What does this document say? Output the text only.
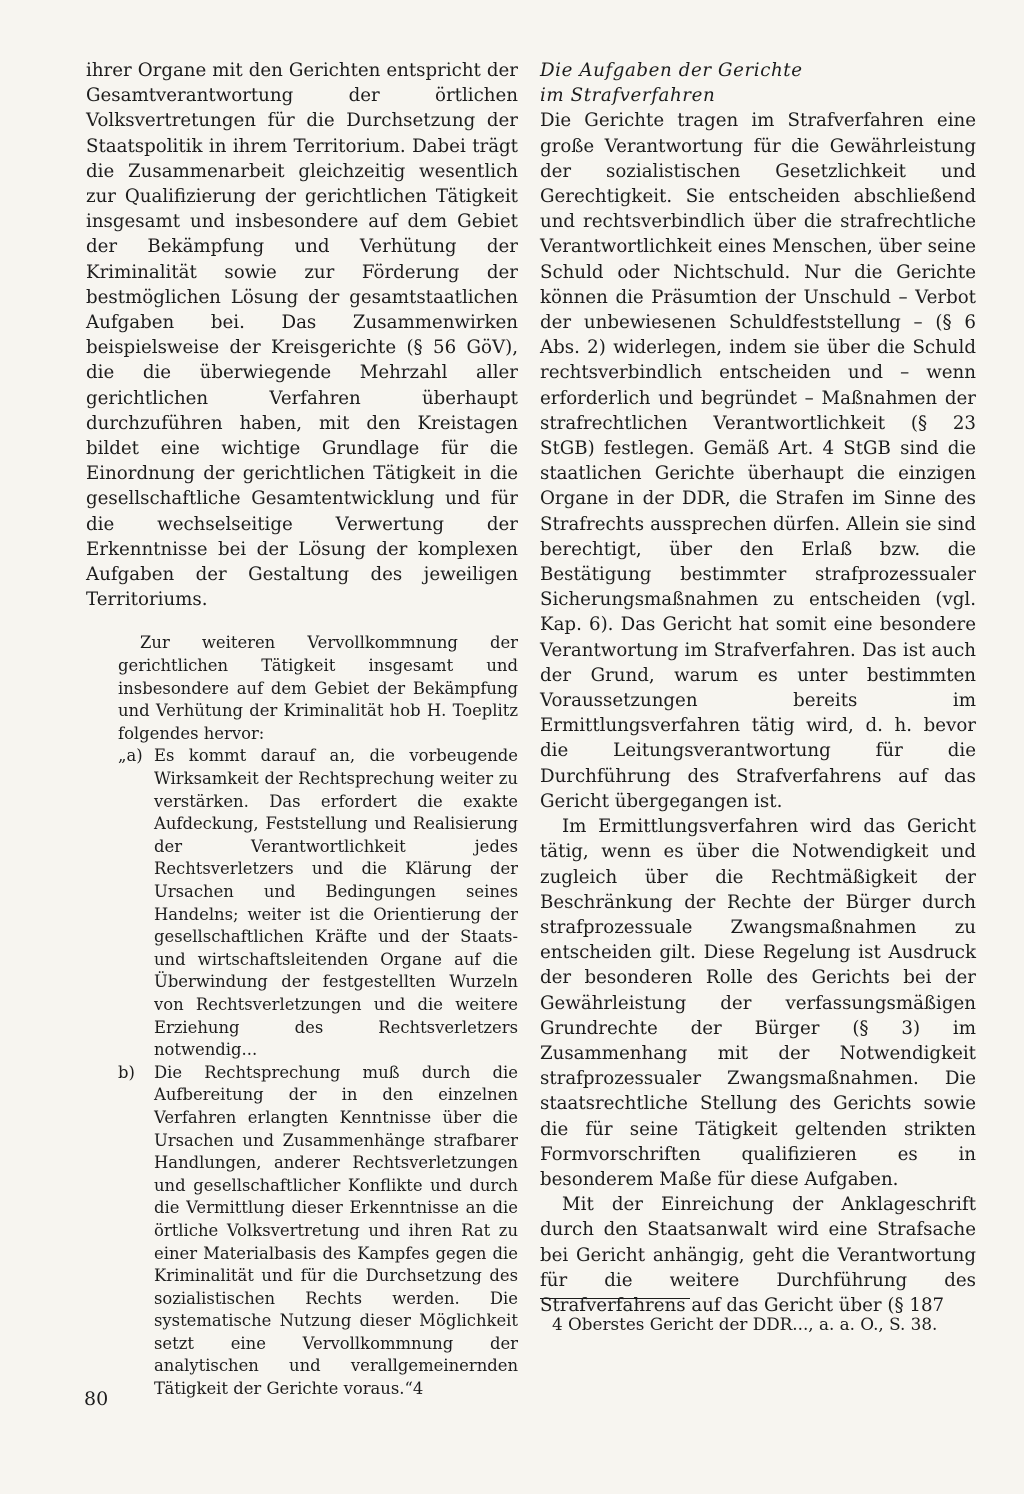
ihrer Organe mit den Gerichten entspricht der Gesamtverantwortung der örtlichen Volksvertretungen für die Durchsetzung der Staatspolitik in ihrem Territorium. Dabei trägt die Zusammenarbeit gleichzeitig wesentlich zur Qualifizierung der gerichtlichen Tätigkeit insgesamt und insbesondere auf dem Gebiet der Bekämpfung und Verhütung der Kriminalität sowie zur Förderung der bestmöglichen Lösung der gesamtstaatlichen Aufgaben bei. Das Zusammenwirken beispielsweise der Kreisgerichte (§ 56 GöV), die die überwiegende Mehrzahl aller gerichtlichen Verfahren überhaupt durchzuführen haben, mit den Kreistagen bildet eine wichtige Grundlage für die Einordnung der gerichtlichen Tätigkeit in die gesellschaftliche Gesamtentwicklung und für die wechselseitige Verwertung der Erkenntnisse bei der Lösung der komplexen Aufgaben der Gestaltung des jeweiligen Territoriums.

Zur weiteren Vervollkommnung der gerichtlichen Tätigkeit insgesamt und insbesondere auf dem Gebiet der Bekämpfung und Verhütung der Kriminalität hob H. Toeplitz folgendes hervor:

„a) Es kommt darauf an, die vorbeugende Wirksamkeit der Rechtsprechung weiter zu verstärken. Das erfordert die exakte Aufdeckung, Feststellung und Realisierung der Verantwortlichkeit jedes Rechtsverletzers und die Klärung der Ursachen und Bedingungen seines Handelns; weiter ist die Orientierung der gesellschaftlichen Kräfte und der Staats- und wirtschaftsleitenden Organe auf die Überwindung der festgestellten Wurzeln von Rechtsverletzungen und die weitere Erziehung des Rechtsverletzers notwendig...
b)	Die Rechtsprechung muß durch die Aufbereitung der in den einzelnen Verfahren erlangten Kenntnisse über die Ursachen und Zusammenhänge strafbarer Handlungen, anderer Rechtsverletzungen und gesellschaftlicher Konflikte und durch die Vermittlung dieser Erkenntnisse an die örtliche Volksvertretung und ihren Rat zu einer Materialbasis des Kampfes gegen die Kriminalität und für die Durchsetzung des sozialistischen Rechts werden. Die systematische Nutzung dieser Möglichkeit setzt eine Vervollkommnung der analytischen und verallgemeinernden Tätigkeit der Gerichte voraus.“4

Die Aufgaben der Gerichte
im Strafverfahren

Die Gerichte tragen im Strafverfahren eine große Verantwortung für die Gewährleistung der sozialistischen Gesetzlichkeit und Gerechtigkeit. Sie entscheiden abschließend und rechtsverbindlich über die strafrechtliche Verantwortlichkeit eines Menschen, über seine Schuld oder Nichtschuld. Nur die Gerichte können die Präsumtion der Unschuld – Verbot der unbewiesenen Schuldfeststellung – (§ 6 Abs. 2) widerlegen, indem sie über die Schuld rechtsverbindlich entscheiden und – wenn erforderlich und begründet – Maßnahmen der strafrechtlichen Verantwortlichkeit (§ 23 StGB) festlegen. Gemäß Art. 4 StGB sind die staatlichen Gerichte überhaupt die einzigen Organe in der DDR, die Strafen im Sinne des Strafrechts aussprechen dürfen. Allein sie sind berechtigt, über den Erlaß bzw. die Bestätigung bestimmter strafprozessualer Sicherungsmaßnahmen zu entscheiden (vgl. Kap. 6). Das Gericht hat somit eine besondere Verantwortung im Strafverfahren. Das ist auch der Grund, warum es unter bestimmten Voraussetzungen bereits im Ermittlungsverfahren tätig wird, d. h. bevor die Leitungsverantwortung für die Durchführung des Strafverfahrens auf das Gericht übergegangen ist.

Im Ermittlungsverfahren wird das Gericht tätig, wenn es über die Notwendigkeit und zugleich über die Rechtmäßigkeit der Beschränkung der Rechte der Bürger durch strafprozessuale Zwangsmaßnahmen zu entscheiden gilt. Diese Regelung ist Ausdruck der besonderen Rolle des Gerichts bei der Gewährleistung der verfassungsmäßigen Grundrechte der Bürger (§ 3) im Zusammenhang mit der Notwendigkeit strafprozessualer Zwangsmaßnahmen. Die staatsrechtliche Stellung des Gerichts sowie die für seine Tätigkeit geltenden strikten Formvorschriften qualifizieren es in besonderem Maße für diese Aufgaben.

Mit der Einreichung der Anklageschrift durch den Staatsanwalt wird eine Strafsache bei Gericht anhängig, geht die Verantwortung für die weitere Durchführung des Strafverfahrens auf das Gericht über (§ 187

4 Oberstes Gericht der DDR..., a. a. O., S. 38.

80
